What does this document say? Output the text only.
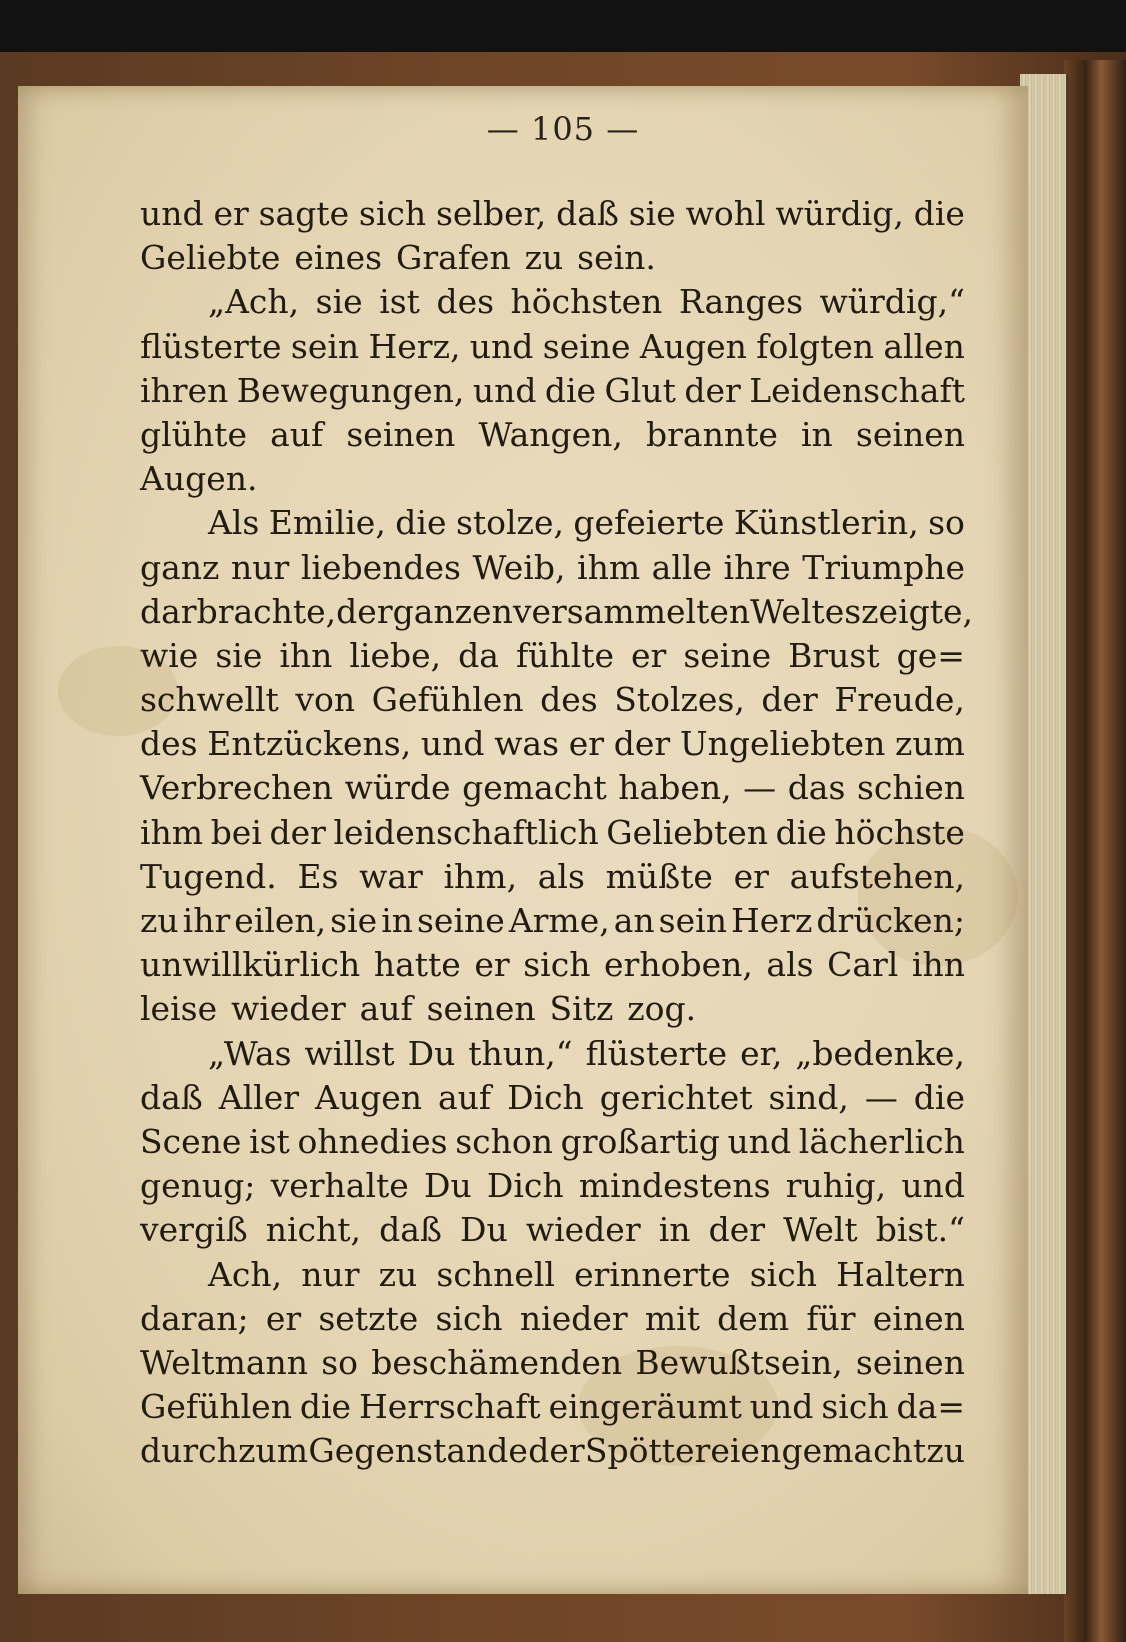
— 105 —
und er sagte sich selber, daß sie wohl würdig, die
Geliebte eines Grafen zu sein.
„Ach, sie ist des höchsten Ranges würdig,“
flüsterte sein Herz, und seine Augen folgten allen
ihren Bewegungen, und die Glut der Leidenschaft
glühte auf seinen Wangen, brannte in seinen
Augen.
Als Emilie, die stolze, gefeierte Künstlerin, so
ganz nur liebendes Weib, ihm alle ihre Triumphe
darbrachte, der ganzen versammelten Welt es zeigte,
wie sie ihn liebe, da fühlte er seine Brust ge=
schwellt von Gefühlen des Stolzes, der Freude,
des Entzückens, und was er der Ungeliebten zum
Verbrechen würde gemacht haben, — das schien
ihm bei der leidenschaftlich Geliebten die höchste
Tugend. Es war ihm, als müßte er aufstehen,
zu ihr eilen, sie in seine Arme, an sein Herz drücken;
unwillkürlich hatte er sich erhoben, als Carl ihn
leise wieder auf seinen Sitz zog.
„Was willst Du thun,“ flüsterte er, „bedenke,
daß Aller Augen auf Dich gerichtet sind, — die
Scene ist ohnedies schon großartig und lächerlich
genug; verhalte Du Dich mindestens ruhig, und
vergiß nicht, daß Du wieder in der Welt bist.“
Ach, nur zu schnell erinnerte sich Haltern
daran; er setzte sich nieder mit dem für einen
Weltmann so beschämenden Bewußtsein, seinen
Gefühlen die Herrschaft eingeräumt und sich da=
durch zum Gegenstande der Spöttereien gemacht zu
